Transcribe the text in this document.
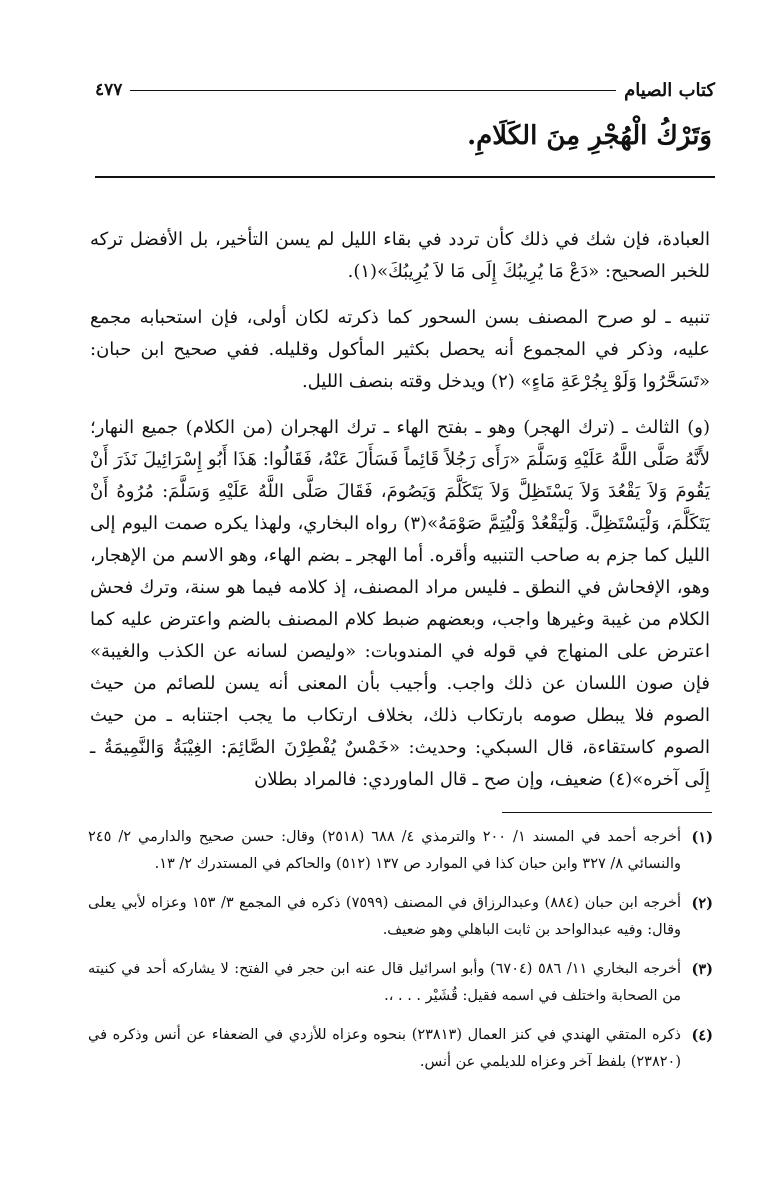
كتاب الصيام
٤٧٧
وَتَرْكُ الْهُجْرِ مِنَ الكَلَامِ.

العبادة، فإن شك في ذلك كأن تردد في بقاء الليل لم يسن التأخير، بل الأفضل تركه للخبر الصحيح: «دَعْ مَا يُرِيبُكَ إِلَى مَا لاَ يُرِيبُكَ»(١).

تنبيه ـ لو صرح المصنف بسن السحور كما ذكرته لكان أولى، فإن استحبابه مجمع عليه، وذكر في المجموع أنه يحصل بكثير المأكول وقليله. ففي صحيح ابن حبان: «تَسَحَّرُوا وَلَوْ بِجُرْعَةِ مَاءٍ» (٢) ويدخل وقته بنصف الليل.

(و) الثالث ـ (ترك الهجر) وهو ـ بفتح الهاء ـ ترك الهجران (من الكلام) جميع النهار؛ لأَنَّهُ صَلَّى اللَّهُ عَلَيْهِ وَسَلَّمَ «رَأَى رَجُلاً قَائِماً فَسَأَلَ عَنْهُ، فَقَالُوا: هَذَا أَبُو إِسْرَائِيلَ نَذَرَ أَنْ يَقُومَ وَلاَ يَقْعُدَ وَلاَ يَسْتَظِلَّ وَلاَ يَتَكَلَّمَ وَيَصُومَ، فَقَالَ صَلَّى اللَّهُ عَلَيْهِ وَسَلَّمَ: مُرُوهُ أَنْ يَتَكَلَّمَ، وَلْيَسْتَظِلَّ. وَلْيَقْعُدْ وَلْيُتِمَّ صَوْمَهُ»(٣) رواه البخاري، ولهذا يكره صمت اليوم إلى الليل كما جزم به صاحب التنبيه وأقره. أما الهجر ـ بضم الهاء، وهو الاسم من الإهجار، وهو، الإفحاش في النطق ـ فليس مراد المصنف، إذ كلامه فيما هو سنة، وترك فحش الكلام من غيبة وغيرها واجب، وبعضهم ضبط كلام المصنف بالضم واعترض عليه كما اعترض على المنهاج في قوله في المندوبات: «وليصن لسانه عن الكذب والغيبة» فإن صون اللسان عن ذلك واجب. وأجيب بأن المعنى أنه يسن للصائم من حيث الصوم فلا يبطل صومه بارتكاب ذلك، بخلاف ارتكاب ما يجب اجتنابه ـ من حيث الصوم كاستقاءة، قال السبكي: وحديث: «خَمْسٌ يُفْطِرْنَ الصَّائِمَ: الغِيْبَةُ وَالنَّمِيمَةُ ـ إِلَى آخره»(٤) ضعيف، وإن صح ـ قال الماوردي: فالمراد بطلان

(١)
أخرجه أحمد في المسند ١/ ٢٠٠ والترمذي ٤/ ٦٨٨ (٢٥١٨) وقال: حسن صحيح والدارمي ٢/ ٢٤٥ والنسائي ٨/ ٣٢٧ وابن حبان كذا في الموارد ص ١٣٧ (٥١٢) والحاكم في المستدرك ٢/ ١٣.
(٢)
أخرجه ابن حبان (٨٨٤) وعبدالرزاق في المصنف (٧٥٩٩) ذكره في المجمع ٣/ ١٥٣ وعزاه لأبي يعلى وقال: وفيه عبدالواحد بن ثابت الباهلي وهو ضعيف.
(٣)
أخرجه البخاري ١١/ ٥٨٦ (٦٧٠٤) وأبو اسرائيل قال عنه ابن حجر في الفتح: لا يشاركه أحد في كنيته من الصحابة واختلف في اسمه فقيل: قُشَيْر . . . ،.
(٤)
ذكره المتقي الهندي في كنز العمال (٢٣٨١٣) بنحوه وعزاه للأزدي في الضعفاء عن أنس وذكره في (٢٣٨٢٠) بلفظ آخر وعزاه للديلمي عن أنس.
